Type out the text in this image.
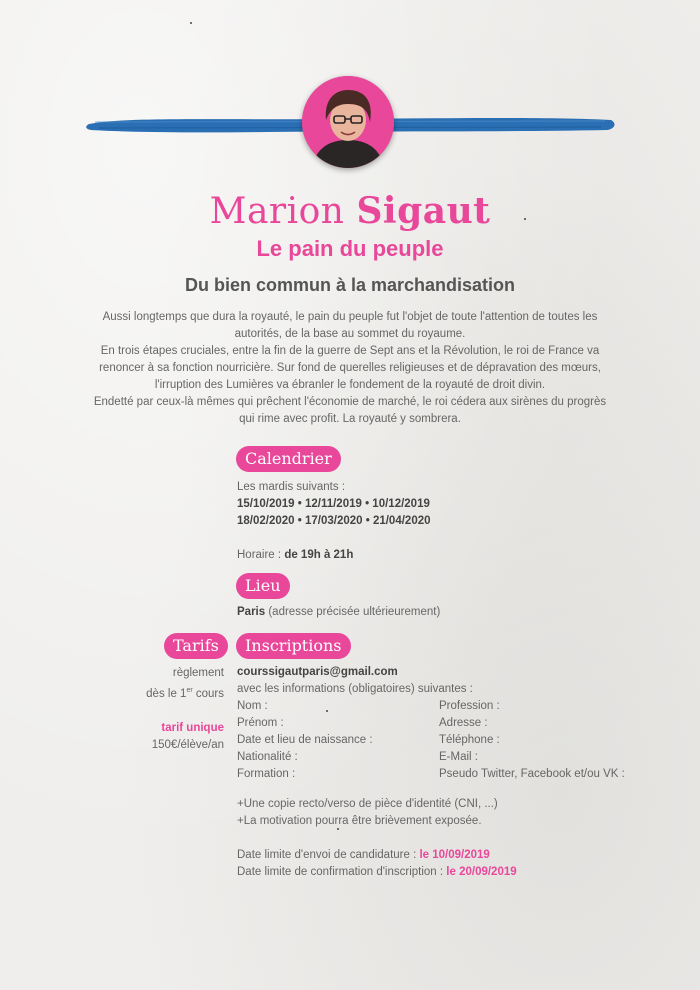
Marion Sigaut
Le pain du peuple
Du bien commun à la marchandisation

Aussi longtemps que dura la royauté, le pain du peuple fut l'objet de toute l'attention de toutes les autorités, de la base au sommet du royaume.

En trois étapes cruciales, entre la fin de la guerre de Sept ans et la Révolution, le roi de France va renoncer à sa fonction nourricière. Sur fond de querelles religieuses et de dépravation des mœurs, l'irruption des Lumières va ébranler le fondement de la royauté de droit divin.

Endetté par ceux-là mêmes qui prêchent l'économie de marché, le roi cédera aux sirènes du progrès qui rime avec profit. La royauté y sombrera.

Calendrier
Les mardis suivants :
15/10/2019 • 12/11/2019 • 10/12/2019
18/02/2020 • 17/03/2020 • 21/04/2020
Horaire : de 19h à 21h
Lieu
Paris (adresse précisée ultérieurement)
Tarifs
règlement
dès le 1er cours
tarif unique
150€/élève/an
Inscriptions
courssigautparis@gmail.com
avec les informations (obligatoires) suivantes :
Nom :
Prénom :
Date et lieu de naissance :
Nationalité :
Formation :
Profession :
Adresse :
Téléphone :
E-Mail :
Pseudo Twitter, Facebook et/ou VK :
+Une copie recto/verso de pièce d'identité (CNI, ...)
+La motivation pourra être brièvement exposée.
Date limite d'envoi de candidature : le 10/09/2019
Date limite de confirmation d'inscription : le 20/09/2019
